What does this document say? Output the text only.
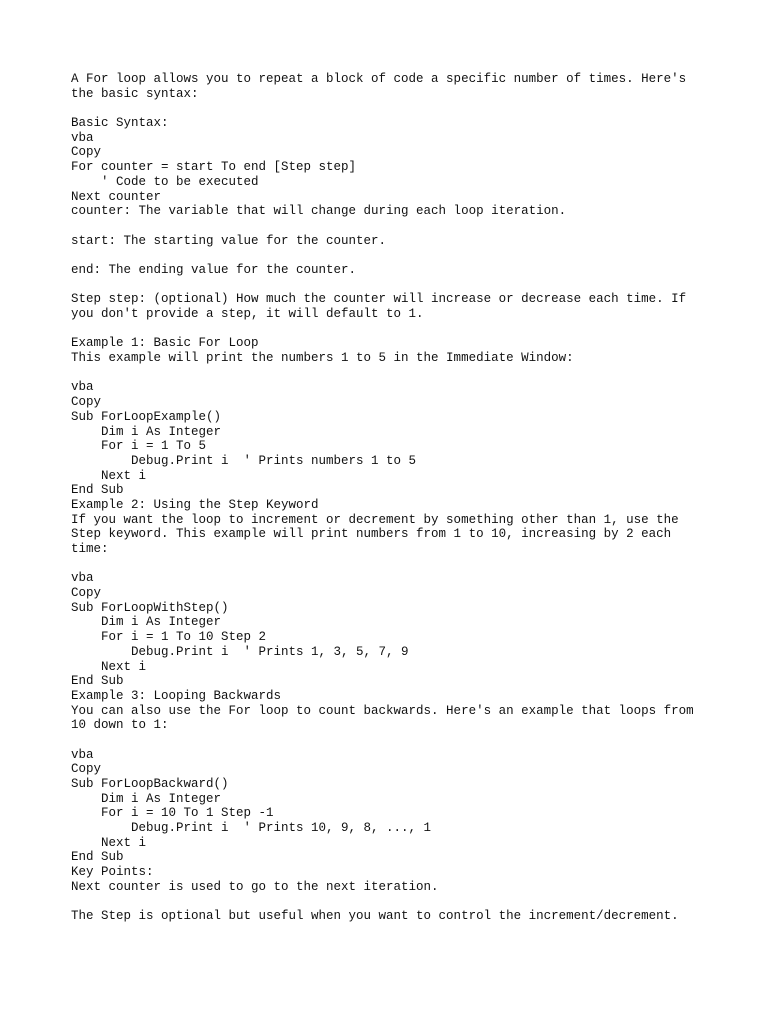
A For loop allows you to repeat a block of code a specific number of times. Here's
the basic syntax:
Basic Syntax:
vba
Copy
For counter = start To end [Step step]
' Code to be executed
Next counter
counter: The variable that will change during each loop iteration.
start: The starting value for the counter.
end: The ending value for the counter.
Step step: (optional) How much the counter will increase or decrease each time. If
you don't provide a step, it will default to 1.
Example 1: Basic For Loop
This example will print the numbers 1 to 5 in the Immediate Window:
vba
Copy
Sub ForLoopExample()
Dim i As Integer
For i = 1 To 5
Debug.Print i  ' Prints numbers 1 to 5
Next i
End Sub
Example 2: Using the Step Keyword
If you want the loop to increment or decrement by something other than 1, use the
Step keyword. This example will print numbers from 1 to 10, increasing by 2 each
time:
vba
Copy
Sub ForLoopWithStep()
Dim i As Integer
For i = 1 To 10 Step 2
Debug.Print i  ' Prints 1, 3, 5, 7, 9
Next i
End Sub
Example 3: Looping Backwards
You can also use the For loop to count backwards. Here's an example that loops from
10 down to 1:
vba
Copy
Sub ForLoopBackward()
Dim i As Integer
For i = 10 To 1 Step -1
Debug.Print i  ' Prints 10, 9, 8, ..., 1
Next i
End Sub
Key Points:
Next counter is used to go to the next iteration.
The Step is optional but useful when you want to control the increment/decrement.
